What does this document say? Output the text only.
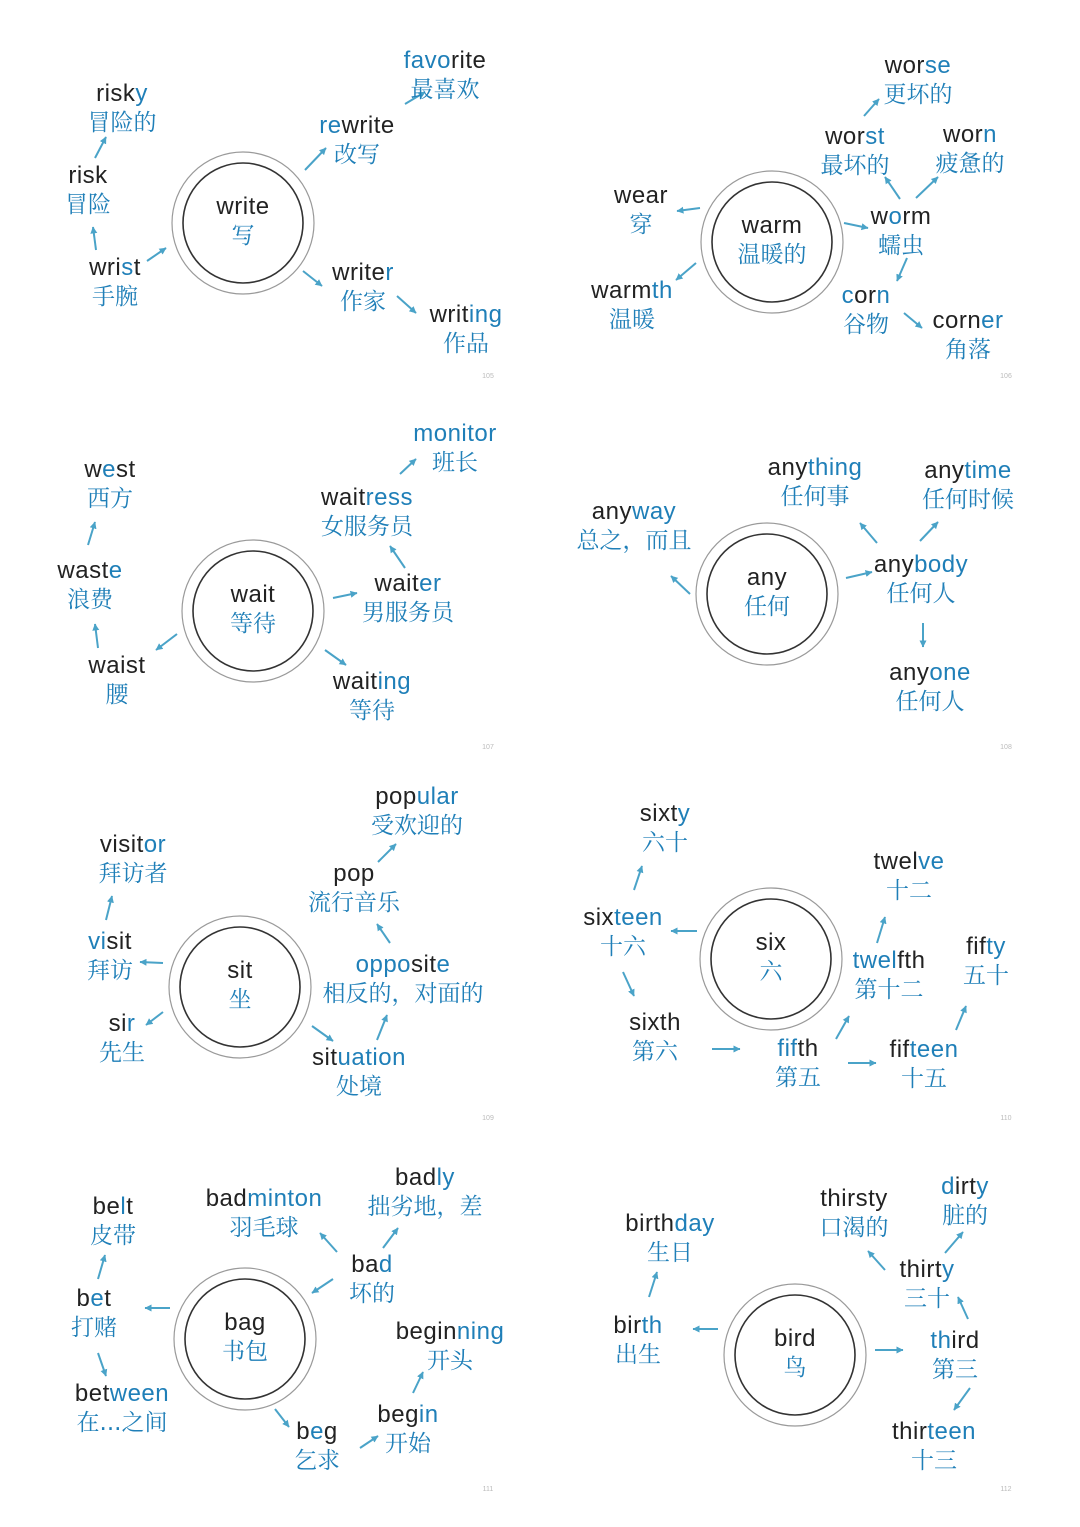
write
写
risky
冒险的
risk
冒险
wrist
手腕
favorite
最喜欢
rewrite
改写
writer
作家	writing
作品
105
warm
温暖的
worse
更坏的
worst
最坏的
worn
疲惫的
wear
穿	worm
蠕虫
warmth
温暖
corn
谷物 corner
角落
106
wait
等待
monitor
班长
waitress
女服务员
west
西方
waste
浪费
waiter
男服务员
waist
腰	waiting
等待
107
any
任何
anything
任何事
anytime
任何时候
anyway
总之，而且
anybody
任何人
anyone
任何人
108
sit
坐
popular
受欢迎的
visitor
拜访者	pop
流行音乐
visit
拜访	opposite
相反的，对面的
sir
先生	situation
处境
109
six
六
sixty
六十
twelve
十二
sixteen
十六	twelfth
第十二
fifty
五十
sixth
第六	fifth
第五
fifteen
十五
110
bag
书包
badly
拙劣地，差
belt
皮带
badminton
羽毛球
bad
坏的
bet
打赌	beginning
开头
between
在...之间	begin
开始
beg
乞求
111
bird
鸟
dirty
脏的
thirsty
口渴的
birthday
生日
thirty
三十
birth
出生
third
第三
thirteen
十三
112
